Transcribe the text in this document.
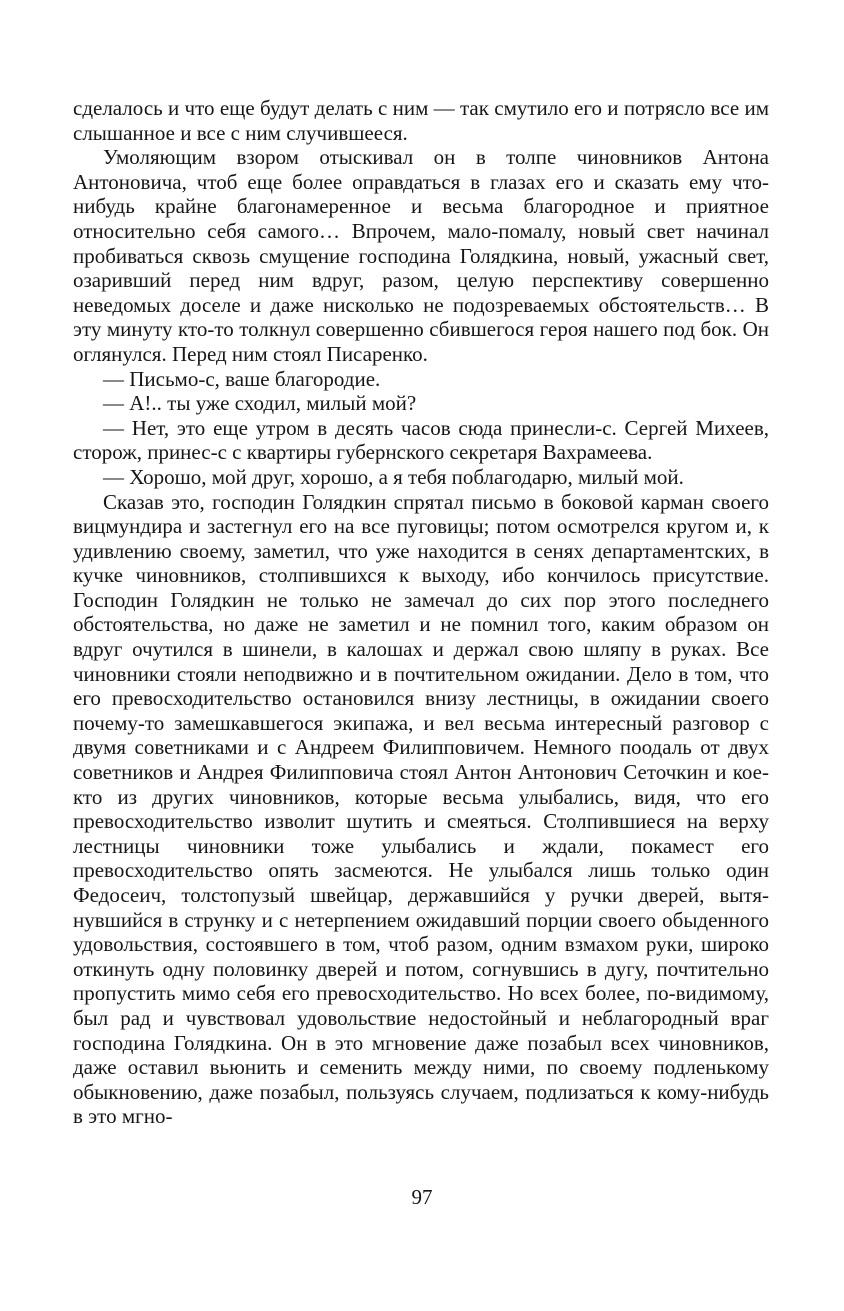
сделалось и что еще будут делать с ним — так смутило его и потрясло все им слышанное и все с ним случившееся.

Умоляющим взором отыскивал он в толпе чиновников Антона Антоновича, чтоб еще более оправдаться в глазах его и сказать ему что-нибудь крайне благонамеренное и весьма благородное и приятное относительно себя самого… Впрочем, мало-помалу, новый свет начинал пробиваться сквозь смущение господина Голядкина, новый, ужасный свет, озаривший перед ним вдруг, разом, целую перспективу совершенно неведомых доселе и даже нисколько не подозреваемых обстоятельств… В эту минуту кто-то толкнул совершенно сбившегося героя нашего под бок. Он оглянулся. Перед ним стоял Писаренко.

— Письмо-с, ваше благородие.

— А!.. ты уже сходил, милый мой?

— Нет, это еще утром в десять часов сюда принесли-с. Сергей Михеев, сторож, принес-с с квартиры губернского секретаря Вахрамеева.

— Хорошо, мой друг, хорошо, а я тебя поблагодарю, милый мой.

Сказав это, господин Голядкин спрятал письмо в боковой карман своего вицмундира и застегнул его на все пуговицы; потом осмотрелся кругом и, к удивлению своему, заметил, что уже находится в сенях департаментских, в кучке чиновников, столпившихся к выходу, ибо кончилось присутствие. Господин Голядкин не только не замечал до сих пор этого последнего обстоятельства, но даже не заметил и не помнил того, каким образом он вдруг очутился в шинели, в калошах и держал свою шляпу в руках. Все чиновники стояли неподвижно и в почтительном ожидании. Дело в том, что его превосходительство остановился внизу лестницы, в ожидании своего почему-то замешкавшегося экипажа, и вел весьма интересный разговор с двумя советниками и с Андреем Филипповичем. Немного поодаль от двух советников и Андрея Филипповича стоял Антон Антонович Сеточкин и кое-кто из других чиновников, которые весьма улыбались, видя, что его превосходительство изволит шутить и смеяться. Столпившиеся на верху лестницы чиновники тоже улыбались и ждали, покамест его превосходительство опять засмеются. Не улыбался лишь только один Федосеич, толстопузый швейцар, державшийся у ручки дверей, вытянувшийся в струнку и с нетерпением ожидавший порции своего обыденного удовольствия, состоявшего в том, чтоб разом, одним взмахом руки, широко откинуть одну половинку дверей и потом, согнувшись в дугу, почтительно пропустить мимо себя его превосходительство. Но всех более, по-видимому, был рад и чувствовал удовольствие недостойный и неблагородный враг господина Голядкина. Он в это мгновение даже позабыл всех чиновников, даже оставил вьюнить и семенить между ними, по своему подленькому обыкновению, даже позабыл, пользуясь случаем, подлизаться к кому-нибудь в это мгно-

97
